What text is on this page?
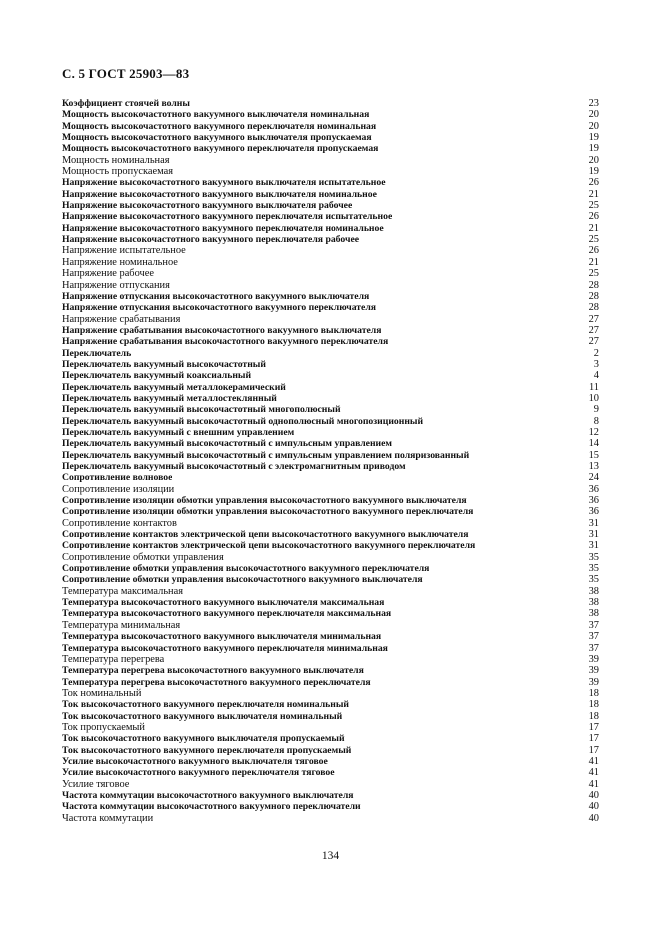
С. 5 ГОСТ 25903—83
Коэффициент стоячей волны	23
Мощность высокочастотного вакуумного выключателя номинальная	20
Мощность высокочастотного вакуумного переключателя номинальная	20
Мощность высокочастотного вакуумного выключателя пропускаемая	19
Мощность высокочастотного вакуумного переключателя пропускаемая	19
Мощность номинальная	20
Мощность пропускаемая	19
Напряжение высокочастотного вакуумного выключателя испытательное	26
Напряжение высокочастотного вакуумного выключателя номинальное	21
Напряжение высокочастотного вакуумного выключателя рабочее	25
Напряжение высокочастотного вакуумного переключателя испытательное	26
Напряжение высокочастотного вакуумного переключателя номинальное	21
Напряжение высокочастотного вакуумного переключателя рабочее	25
Напряжение испытательное	26
Напряжение номинальное	21
Напряжение рабочее	25
Напряжение отпускания	28
Напряжение отпускания высокочастотного вакуумного выключателя	28
Напряжение отпускания высокочастотного вакуумного переключателя	28
Напряжение срабатывания	27
Напряжение срабатывания высокочастотного вакуумного выключателя	27
Напряжение срабатывания высокочастотного вакуумного переключателя	27
Переключатель	2
Переключатель вакуумный высокочастотный	3
Переключатель вакуумный коаксиальный	4
Переключатель вакуумный металлокерамический	11
Переключатель вакуумный металлостеклянный	10
Переключатель вакуумный высокочастотный многополюсный	9
Переключатель вакуумный высокочастотный однополюсный многопозиционный	8
Переключатель вакуумный с внешним управлением	12
Переключатель вакуумный высокочастотный с импульсным управлением	14
Переключатель вакуумный высокочастотный с импульсным управлением поляризованный	15
Переключатель вакуумный высокочастотный с электромагнитным приводом	13
Сопротивление волновое	24
Сопротивление изоляции	36
Сопротивление изоляции обмотки управления высокочастотного вакуумного выключателя	36
Сопротивление изоляции обмотки управления высокочастотного вакуумного переключателя	36
Сопротивление контактов	31
Сопротивление контактов электрической цепи высокочастотного вакуумного выключателя	31
Сопротивление контактов электрической цепи высокочастотного вакуумного переключателя	31
Сопротивление обмотки управления	35
Сопротивление обмотки управления высокочастотного вакуумного переключателя	35
Сопротивление обмотки управления высокочастотного вакуумного выключателя	35
Температура максимальная	38
Температура высокочастотного вакуумного выключателя максимальная	38
Температура высокочастотного вакуумного переключателя максимальная	38
Температура минимальная	37
Температура высокочастотного вакуумного выключателя минимальная	37
Температура высокочастотного вакуумного переключателя минимальная	37
Температура перегрева	39
Температура перегрева высокочастотного вакуумного выключателя	39
Температура перегрева высокочастотного вакуумного переключателя	39
Ток номинальный	18
Ток высокочастотного вакуумного переключателя номинальный	18
Ток высокочастотного вакуумного выключателя номинальный	18
Ток пропускаемый	17
Ток высокочастотного вакуумного выключателя пропускаемый	17
Ток высокочастотного вакуумного переключателя пропускаемый	17
Усилие высокочастотного вакуумного выключателя тяговое	41
Усилие высокочастотного вакуумного переключателя тяговое	41
Усилие тяговое	41
Частота коммутации высокочастотного вакуумного выключателя	40
Частота коммутации высокочастотного вакуумного переключатели	40
Частота коммутации	40
134
